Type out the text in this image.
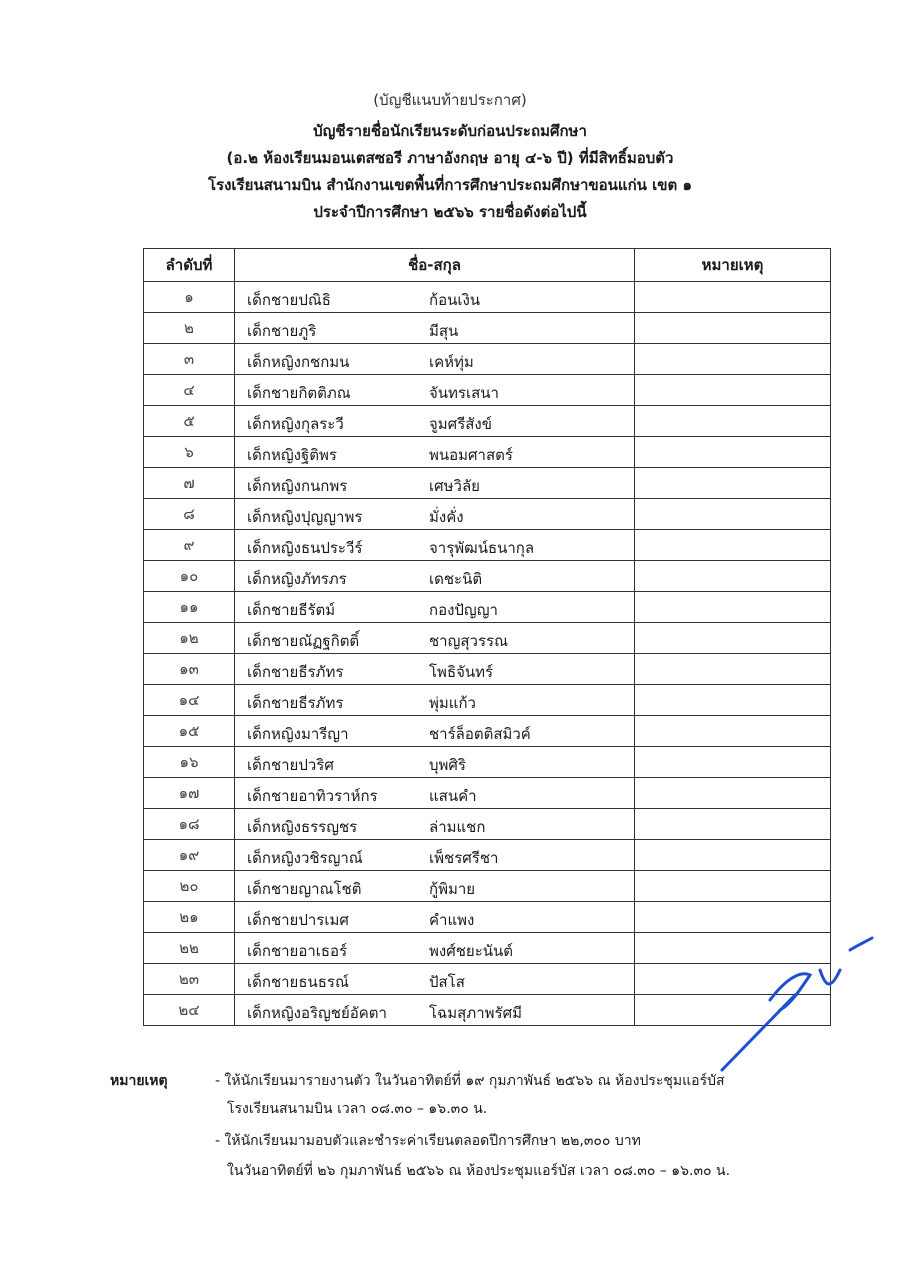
(บัญชีแนบท้ายประกาศ)
บัญชีรายชื่อนักเรียนระดับก่อนประถมศึกษา
(อ.๒ ห้องเรียนมอนเตสซอรี ภาษาอังกฤษ อายุ ๔-๖ ปี) ที่มีสิทธิ์มอบตัว
โรงเรียนสนามบิน สำนักงานเขตพื้นที่การศึกษาประถมศึกษาขอนแก่น เขต ๑
ประจำปีการศึกษา ๒๕๖๖ รายชื่อดังต่อไปนี้
ลำดับที่	ชื่อ-สกุล	หมายเหตุ
๑	เด็กชายปณิธิ ก้อนเงิน	

๒	เด็กชายภูริ มีสุน	

๓	เด็กหญิงกชกมน เคห์ทุ่ม	

๔	เด็กชายกิตติภณ จันทรเสนา	

๕	เด็กหญิงกุลระวี จูมศรีสังข์	

๖	เด็กหญิงฐิติพร พนอมศาสตร์	

๗	เด็กหญิงกนกพร เศษวิลัย	

๘	เด็กหญิงปุญญาพร มั่งคั่ง	

๙	เด็กหญิงธนประวีร์ จารุพัฒน์ธนากุล	

๑๐	เด็กหญิงภัทรภร เดชะนิติ	

๑๑	เด็กชายธีรัตม์ กองปัญญา	

๑๒	เด็กชายณัฏฐกิตติ์ ชาญสุวรรณ	

๑๓	เด็กชายธีรภัทร โพธิจันทร์	

๑๔	เด็กชายธีรภัทร พุ่มแก้ว	

๑๕	เด็กหญิงมารีญา ชาร์ล็อตติสมิวค์	

๑๖	เด็กชายปวริศ บุพศิริ	

๑๗	เด็กชายอาทิวราห์กร แสนคำ	

๑๘	เด็กหญิงธรรญชร ล่ามแชก	

๑๙	เด็กหญิงวชิรญาณ์ เพ็ชรศรีชา	

๒๐	เด็กชายญาณโชติ กู้พิมาย	

๒๑	เด็กชายปารเมศ คำแพง	

๒๒	เด็กชายอาเธอร์ พงศ์ชยะนันต์	

๒๓	เด็กชายธนธรณ์ ปัสโส	

๒๔	เด็กหญิงอริญชย์อัคตา โฉมสุภาพรัศมี	

หมายเหตุ	- ให้นักเรียนมารายงานตัว ในวันอาทิตย์ที่ ๑๙ กุมภาพันธ์ ๒๕๖๖ ณ ห้องประชุมแอร์บัส
โรงเรียนสนามบิน เวลา ๐๘.๓๐ – ๑๖.๓๐ น.
- ให้นักเรียนมามอบตัวและชำระค่าเรียนตลอดปีการศึกษา ๒๒,๓๐๐ บาท
ในวันอาทิตย์ที่ ๒๖ กุมภาพันธ์ ๒๕๖๖ ณ ห้องประชุมแอร์บัส เวลา ๐๘.๓๐ – ๑๖.๓๐ น.
